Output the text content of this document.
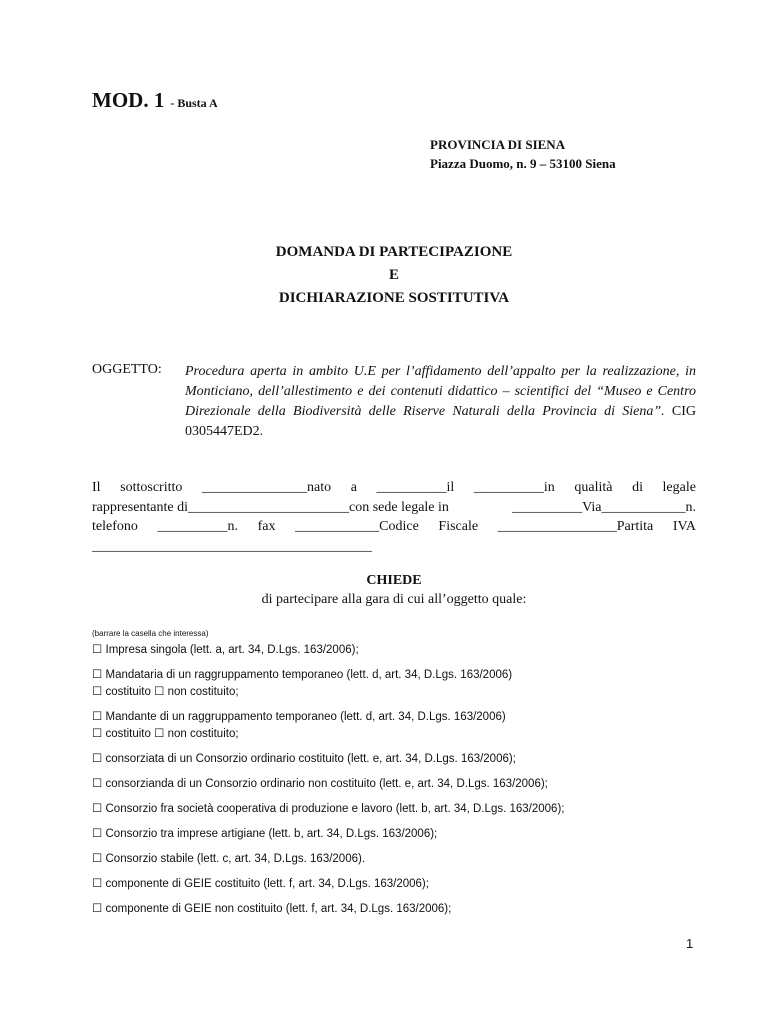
MOD. 1 - Busta A
PROVINCIA DI SIENA
Piazza Duomo, n. 9 – 53100 Siena
DOMANDA DI PARTECIPAZIONE
E
DICHIARAZIONE SOSTITUTIVA
OGGETTO: Procedura aperta in ambito U.E per l’affidamento dell’appalto per la realizzazione, in Monticiano, dell’allestimento e dei contenuti didattico – scientifici del “Museo e Centro Direzionale della Biodiversità delle Riserve Naturali della Provincia di Siena”. CIG 0305447ED2.
Il sottoscritto _______________nato a __________il __________in qualità di legale
rappresentante di_______________________con sede legale in	__________Via____________n.
telefono __________n. fax ____________Codice Fiscale _________________Partita IVA
________________________________________
CHIEDE
di partecipare alla gara di cui all’oggetto quale:
(barrare la casella che interessa)
☐ Impresa singola (lett. a, art. 34, D.Lgs. 163/2006);
☐ Mandataria di un raggruppamento temporaneo (lett. d, art. 34, D.Lgs. 163/2006)
☐ costituito ☐ non costituito;
☐ Mandante di un raggruppamento temporaneo (lett. d, art. 34, D.Lgs. 163/2006)
☐ costituito ☐ non costituito;
☐ consorziata di un Consorzio ordinario costituito (lett. e, art. 34, D.Lgs. 163/2006);
☐ consorzianda di un Consorzio ordinario non costituito (lett. e, art. 34, D.Lgs. 163/2006);
☐ Consorzio fra società cooperativa di produzione e lavoro (lett. b, art. 34, D.Lgs. 163/2006);
☐ Consorzio tra imprese artigiane (lett. b, art. 34, D.Lgs. 163/2006);
☐ Consorzio stabile (lett. c, art. 34, D.Lgs. 163/2006).
☐ componente di GEIE costituito (lett. f, art. 34, D.Lgs. 163/2006);
☐ componente di GEIE non costituito (lett. f, art. 34, D.Lgs. 163/2006);
1
